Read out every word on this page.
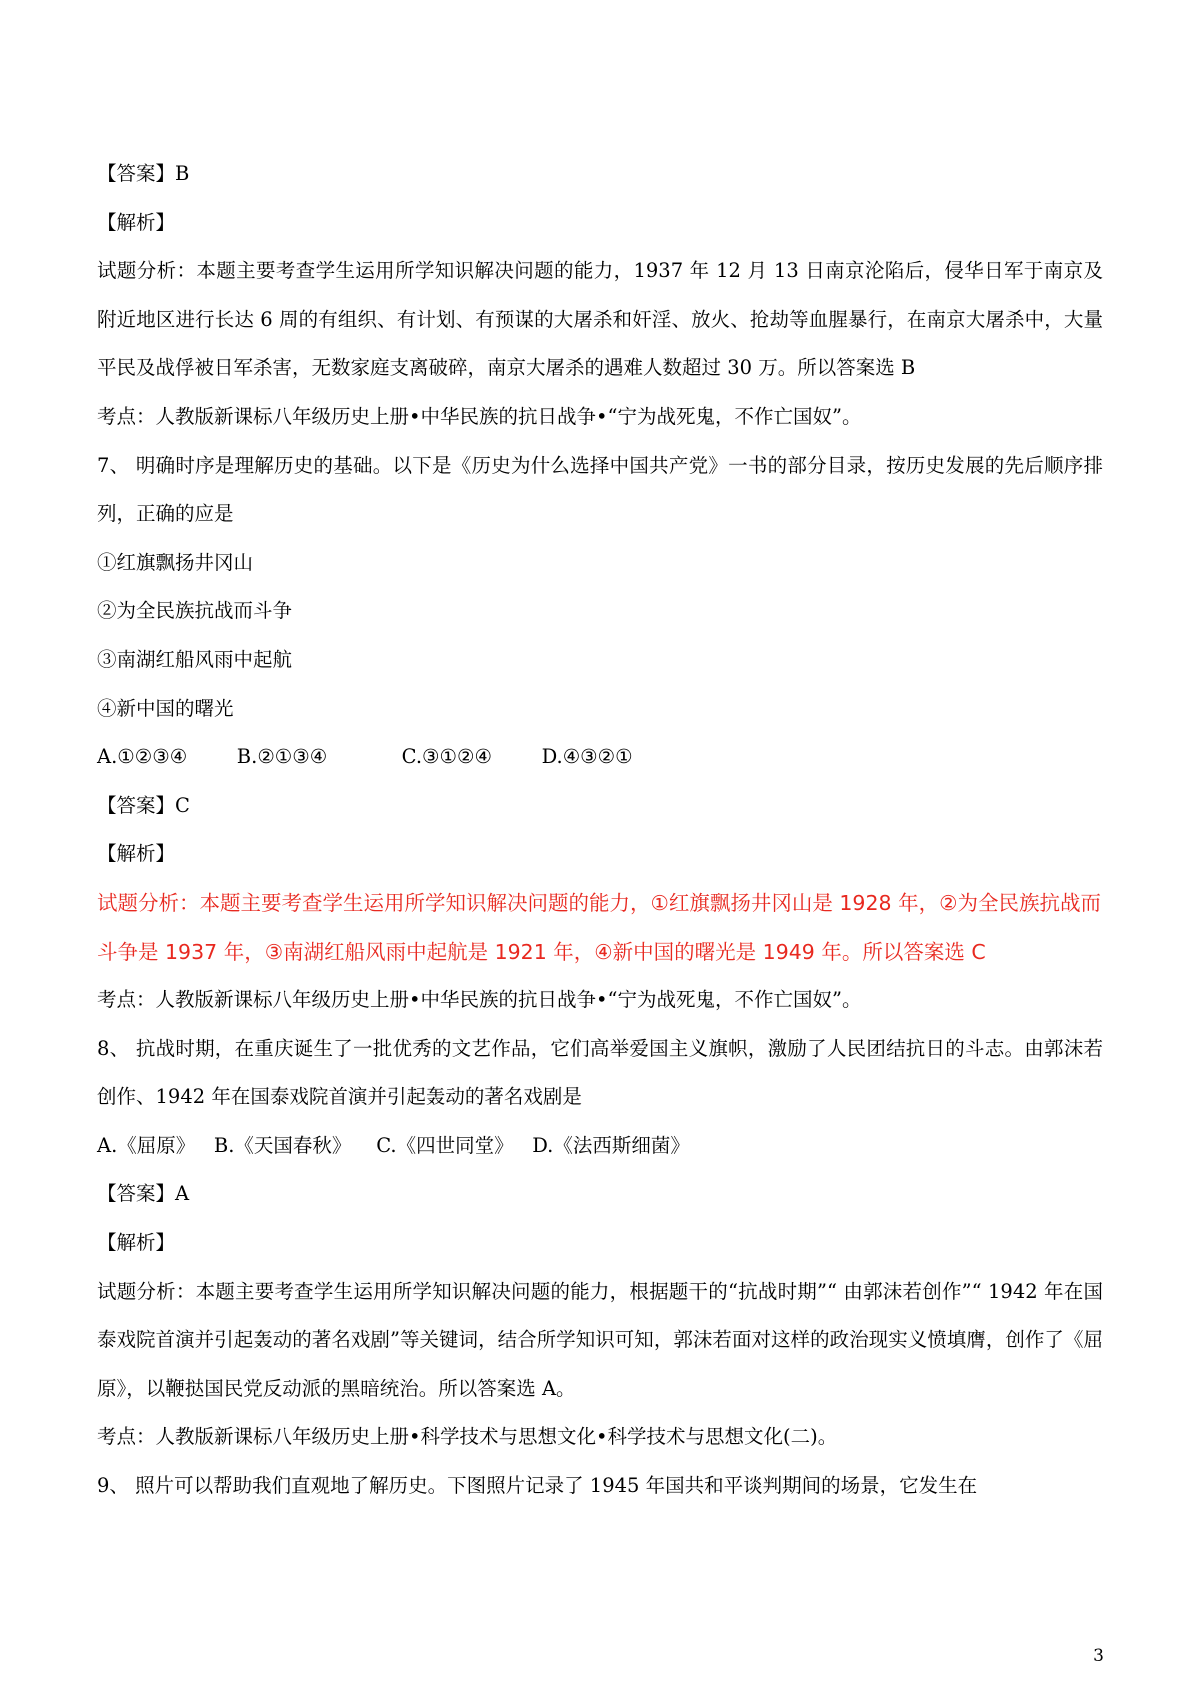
【答案】B

【解析】

试题分析：本题主要考查学生运用所学知识解决问题的能力，1937 年 12 月 13 日南京沦陷后，侵华日军于南京及附近地区进行长达 6 周的有组织、有计划、有预谋的大屠杀和奸淫、放火、抢劫等血腥暴行，在南京大屠杀中，大量平民及战俘被日军杀害，无数家庭支离破碎，南京大屠杀的遇难人数超过 30 万。所以答案选 B

考点：人教版新课标八年级历史上册•中华民族的抗日战争•“宁为战死鬼，不作亡国奴”。

7、 明确时序是理解历史的基础。以下是《历史为什么选择中国共产党》一书的部分目录，按历史发展的先后顺序排列，正确的应是

①红旗飘扬井冈山

②为全民族抗战而斗争

③南湖红船风雨中起航

④新中国的曙光

A.①②③④        B.②①③④            C.③①②④        D.④③②①

【答案】C

【解析】

试题分析：本题主要考查学生运用所学知识解决问题的能力，①红旗飘扬井冈山是 1928 年，②为全民族抗战而斗争是 1937 年，③南湖红船风雨中起航是 1921 年，④新中国的曙光是 1949 年。所以答案选 C

考点：人教版新课标八年级历史上册•中华民族的抗日战争•“宁为战死鬼，不作亡国奴”。

8、 抗战时期，在重庆诞生了一批优秀的文艺作品，它们高举爱国主义旗帜，激励了人民团结抗日的斗志。由郭沫若创作、1942 年在国泰戏院首演并引起轰动的著名戏剧是

A.《屈原》   B.《天国春秋》    C.《四世同堂》   D.《法西斯细菌》

【答案】A

【解析】

试题分析：本题主要考查学生运用所学知识解决问题的能力，根据题干的“抗战时期”“ 由郭沫若创作”“ 1942 年在国泰戏院首演并引起轰动的著名戏剧”等关键词，结合所学知识可知，郭沫若面对这样的政治现实义愤填膺，创作了《屈原》，以鞭挞国民党反动派的黑暗统治。所以答案选 A。

考点：人教版新课标八年级历史上册•科学技术与思想文化•科学技术与思想文化(二)。

9、 照片可以帮助我们直观地了解历史。下图照片记录了 1945 年国共和平谈判期间的场景，它发生在

3
